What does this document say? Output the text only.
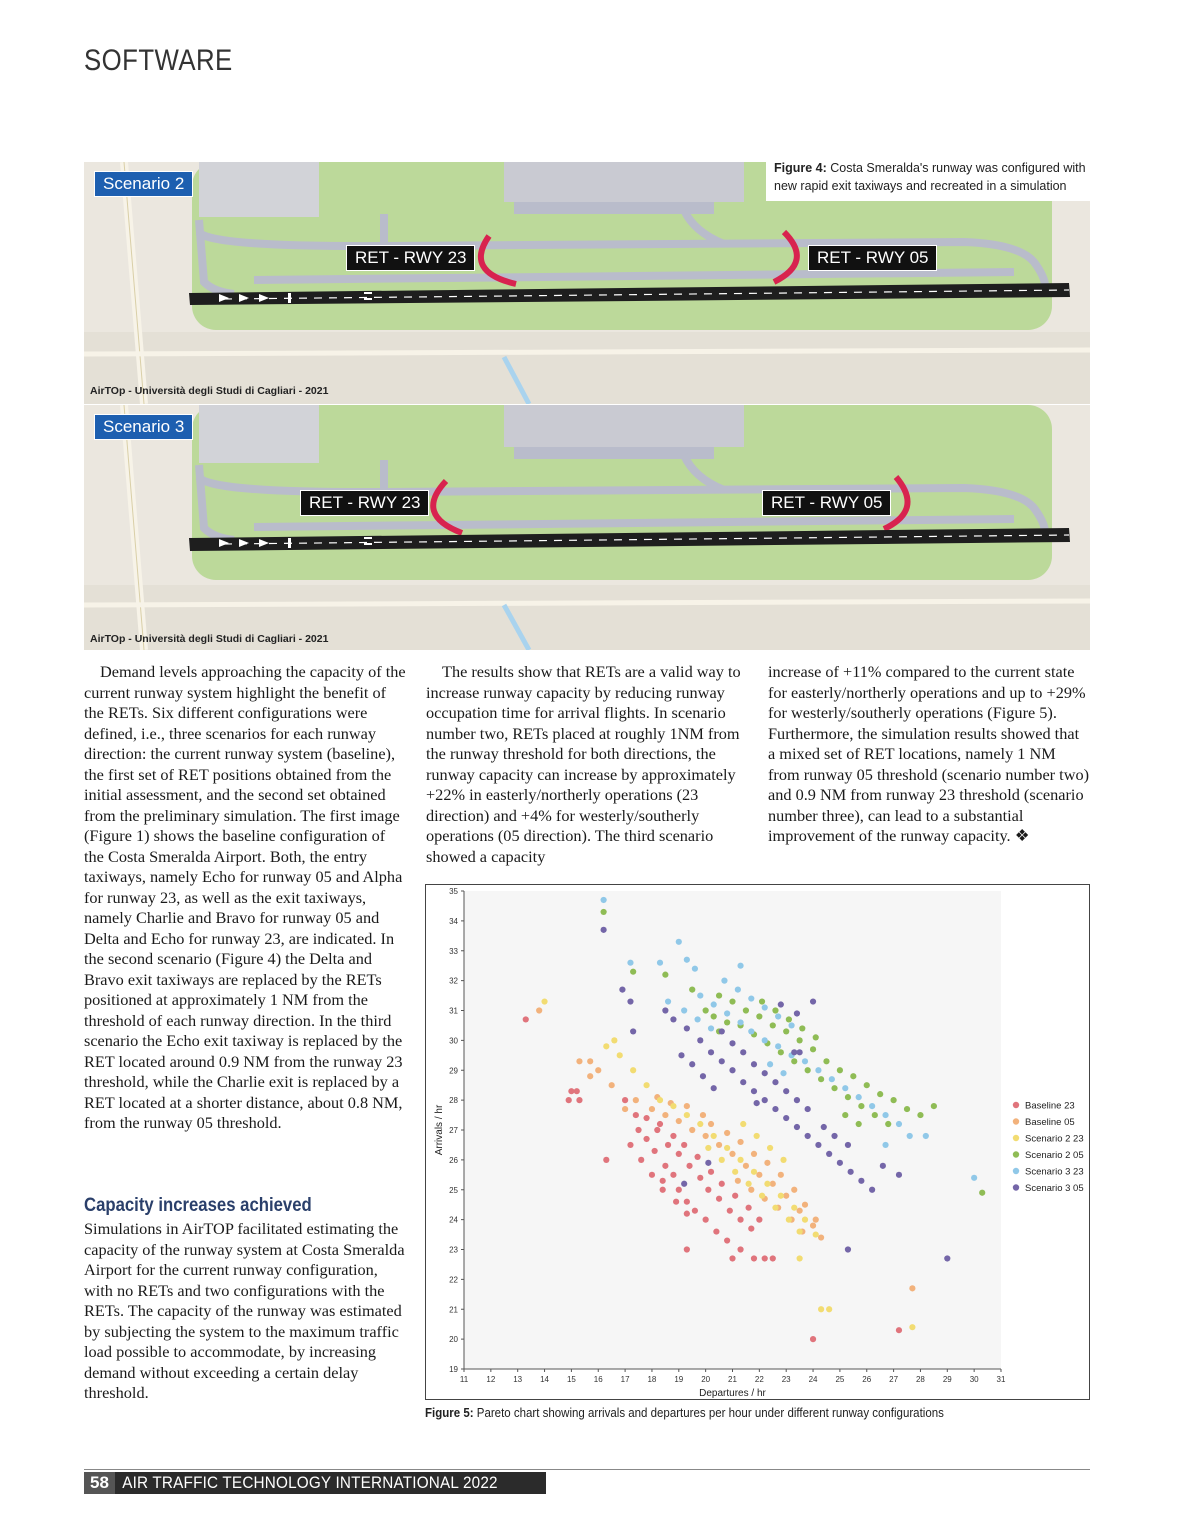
SOFTWARE
Scenario 2
RET - RWY 23	RET - RWY 05
AirTOp - Università degli Studi di Cagliari - 2021
Figure 4: Costa Smeralda's runway was configured with new rapid exit taxiways and recreated in a simulation
Scenario 3
RET - RWY 23	RET - RWY 05
AirTOp - Università degli Studi di Cagliari - 2021

Demand levels approaching the capacity of the current runway system highlight the benefit of the RETs. Six different configurations were defined, i.e., three scenarios for each runway direction: the current runway system (baseline), the first set of RET positions obtained from the initial assessment, and the second set obtained from the preliminary simulation. The first image (Figure 1) shows the baseline configuration of the Costa Smeralda Airport. Both, the entry taxiways, namely Echo for runway 05 and Alpha for runway 23, as well as the exit taxiways, namely Charlie and Bravo for runway 05 and Delta and Echo for runway 23, are indicated. In the second scenario (Figure 4) the Delta and Bravo exit taxiways are replaced by the RETs positioned at approximately 1 NM from the threshold of each runway direction. In the third scenario the Echo exit taxiway is replaced by the RET located around 0.9 NM from the runway 23 threshold, while the Charlie exit is replaced by a RET located at a shorter distance, about 0.8 NM, from the runway 05 threshold.

Capacity increases achieved

Simulations in AirTOP facilitated estimating the capacity of the runway system at Costa Smeralda Airport for the current runway configuration, with no RETs and two configurations with the RETs. The capacity of the runway was estimated by subjecting the system to the maximum traffic load possible to accommodate, by increasing demand without exceeding a certain delay threshold.

The results show that RETs are a valid way to increase runway capacity by reducing runway occupation time for arrival flights. In scenario number two, RETs placed at roughly 1NM from the runway threshold for both directions, the runway capacity can increase by approximately +22% in easterly/northerly operations (23 direction) and +4% for westerly/southerly operations (05 direction). The third scenario showed a capacity

increase of +11% compared to the current state for easterly/northerly operations and up to +29% for westerly/southerly operations (Figure 5). Furthermore, the simulation results showed that a mixed set of RET locations, namely 1 NM from runway 05 threshold (scenario number two) and 0.9 NM from runway 23 threshold (scenario number three), can lead to a substantial improvement of the runway capacity. ❖

19
20
21
22
23
24
25
26
27
28
29
30
31
32
33
34
35
11 12 13 14 15 16 17 18 19 20 21 22 23 24 25 26 27 28 29 30 31
Departures / hr
Arrivals / hr	Baseline 23
Baseline 05
Scenario 2 23
Scenario 2 05
Scenario 3 23
Scenario 3 05
Figure 5: Pareto chart showing arrivals and departures per hour under different runway configurations
58 AIR TRAFFIC TECHNOLOGY INTERNATIONAL 2022
